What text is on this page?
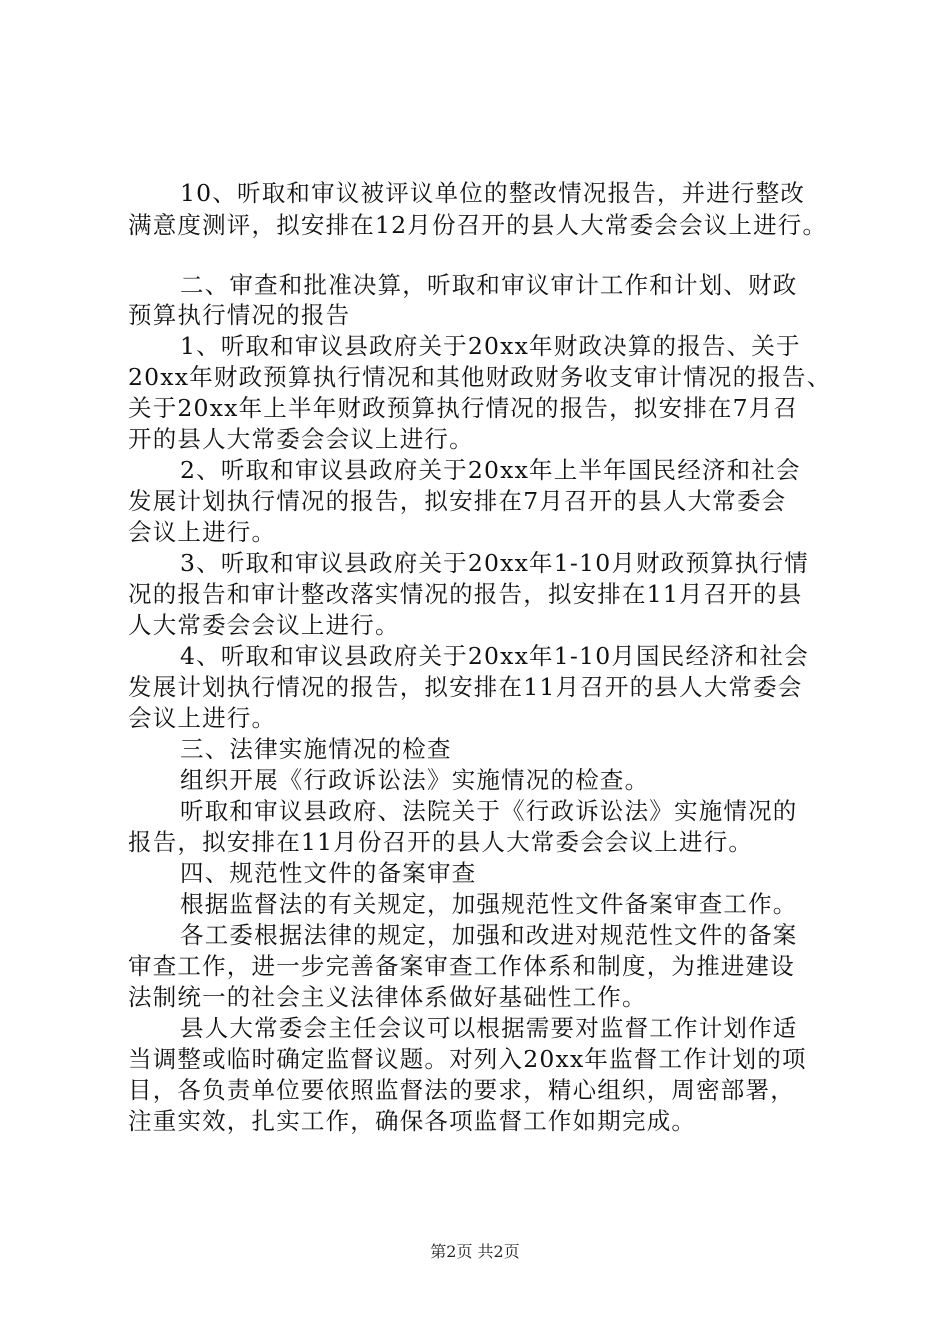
10、听取和审议被评议单位的整改情况报告，并进行整改
满意度测评，拟安排在12月份召开的县人大常委会会议上进行。
二、审查和批准决算，听取和审议审计工作和计划、财政
预算执行情况的报告
1、听取和审议县政府关于20xx年财政决算的报告、关于
20xx年财政预算执行情况和其他财政财务收支审计情况的报告、
关于20xx年上半年财政预算执行情况的报告，拟安排在7月召
开的县人大常委会会议上进行。
2、听取和审议县政府关于20xx年上半年国民经济和社会
发展计划执行情况的报告，拟安排在7月召开的县人大常委会
会议上进行。
3、听取和审议县政府关于20xx年1-10月财政预算执行情
况的报告和审计整改落实情况的报告，拟安排在11月召开的县
人大常委会会议上进行。
4、听取和审议县政府关于20xx年1-10月国民经济和社会
发展计划执行情况的报告，拟安排在11月召开的县人大常委会
会议上进行。
三、法律实施情况的检查
组织开展《行政诉讼法》实施情况的检查。
听取和审议县政府、法院关于《行政诉讼法》实施情况的
报告，拟安排在11月份召开的县人大常委会会议上进行。
四、规范性文件的备案审查
根据监督法的有关规定，加强规范性文件备案审查工作。
各工委根据法律的规定，加强和改进对规范性文件的备案
审查工作，进一步完善备案审查工作体系和制度，为推进建设
法制统一的社会主义法律体系做好基础性工作。
县人大常委会主任会议可以根据需要对监督工作计划作适
当调整或临时确定监督议题。对列入20xx年监督工作计划的项
目，各负责单位要依照监督法的要求，精心组织，周密部署，
注重实效，扎实工作，确保各项监督工作如期完成。
第2页 共2页
